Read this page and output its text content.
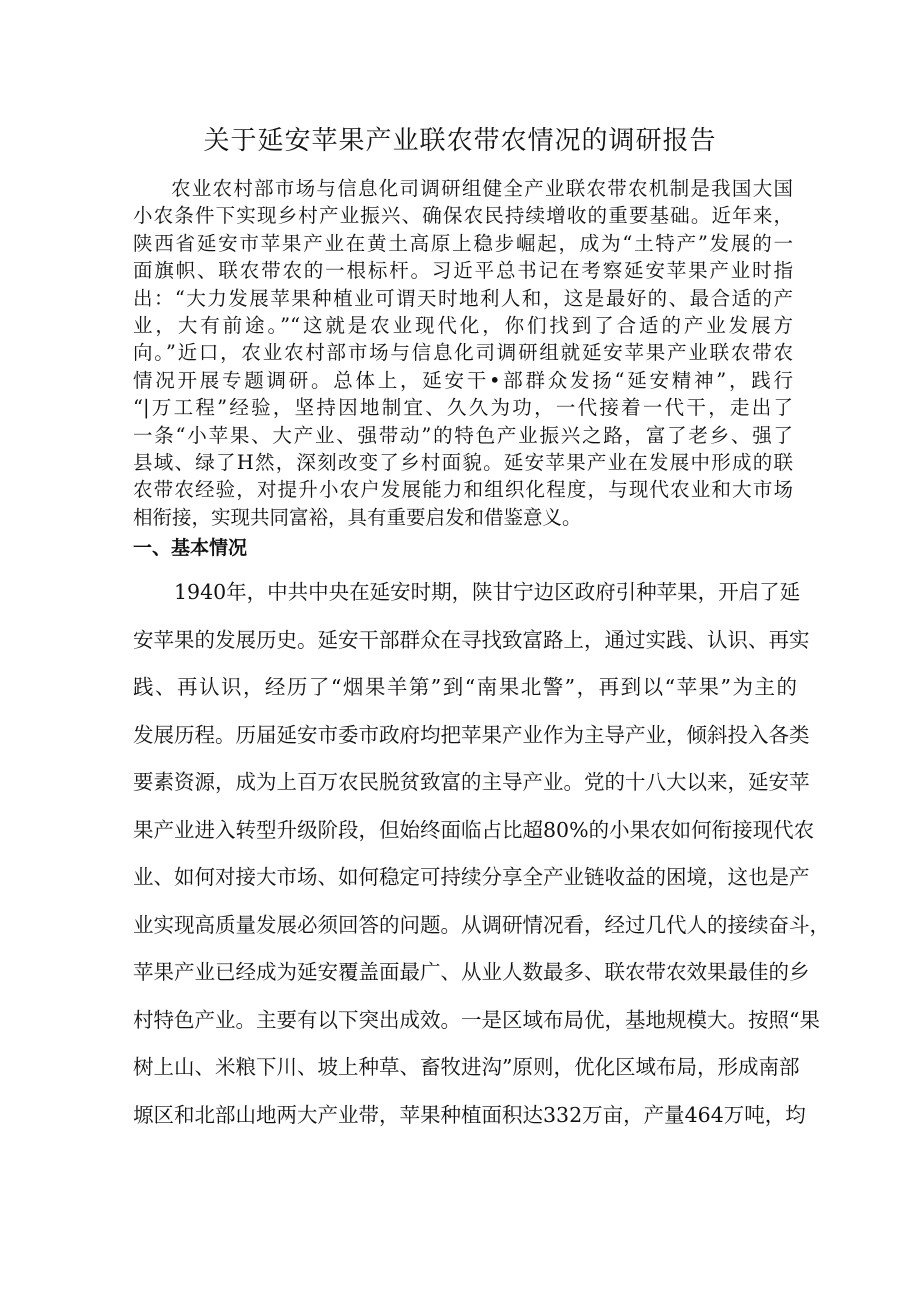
关于延安苹果产业联农带农情况的调研报告
农业农村部市场与信息化司调研组健全产业联农带农机制是我国大国
小农条件下实现乡村产业振兴、确保农民持续增收的重要基础。近年来，
陕西省延安市苹果产业在黄土高原上稳步崛起，成为“土特产”发展的一
面旗帜、联农带农的一根标杆。习近平总书记在考察延安苹果产业时指
出：“大力发展苹果种植业可谓天时地利人和，这是最好的、最合适的产
业，大有前途。”“这就是农业现代化，你们找到了合适的产业发展方
向。”近口，农业农村部市场与信息化司调研组就延安苹果产业联农带农
情况开展专题调研。总体上，延安干•部群众发扬“延安精神”，践行
“|万工程”经验，坚持因地制宜、久久为功，一代接着一代干，走出了
一条“小苹果、大产业、强带动”的特色产业振兴之路，富了老乡、强了
县域、绿了H然，深刻改变了乡村面貌。延安苹果产业在发展中形成的联
农带农经验，对提升小农户发展能力和组织化程度，与现代农业和大市场
相衔接，实现共同富裕，具有重要启发和借鉴意义。
一、基本情况
1940年，中共中央在延安时期，陕甘宁边区政府引种苹果，开启了延
安苹果的发展历史。延安干部群众在寻找致富路上，通过实践、认识、再实
践、再认识，经历了“烟果羊第”到“南果北警”，再到以“苹果”为主的
发展历程。历届延安市委市政府均把苹果产业作为主导产业，倾斜投入各类
要素资源，成为上百万农民脱贫致富的主导产业。党的十八大以来，延安苹
果产业进入转型升级阶段，但始终面临占比超80%的小果农如何衔接现代农
业、如何对接大市场、如何稳定可持续分享全产业链收益的困境，这也是产
业实现高质量发展必须回答的问题。从调研情况看，经过几代人的接续奋斗，
苹果产业已经成为延安覆盖面最广、从业人数最多、联农带农效果最佳的乡
村特色产业。主要有以下突出成效。一是区域布局优，基地规模大。按照“果
树上山、米粮下川、坡上种草、畜牧进沟”原则，优化区域布局，形成南部
塬区和北部山地两大产业带，苹果种植面积达332万亩，产量464万吨，均
